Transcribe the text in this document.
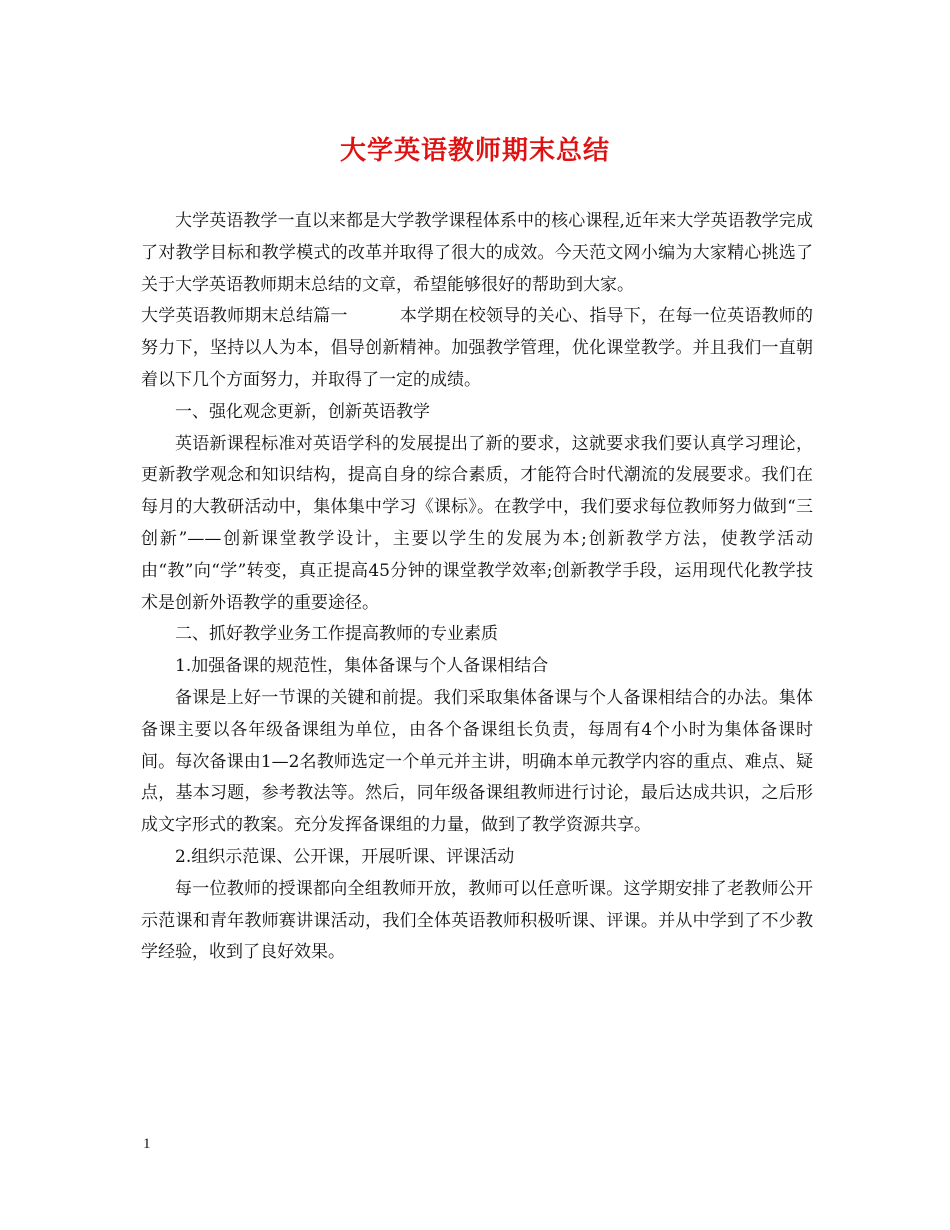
大学英语教师期末总结

大学英语教学一直以来都是大学教学课程体系中的核心课程,近年来大学英语教学完成了对教学目标和教学模式的改革并取得了很大的成效。今天范文网小编为大家精心挑选了关于大学英语教师期末总结的文章，希望能够很好的帮助到大家。

大学英语教师期末总结篇一	本学期在校领导的关心、指导下，在每一位英语教师的努力下，坚持以人为本，倡导创新精神。加强教学管理，优化课堂教学。并且我们一直朝着以下几个方面努力，并取得了一定的成绩。

一、强化观念更新，创新英语教学

英语新课程标准对英语学科的发展提出了新的要求，这就要求我们要认真学习理论，更新教学观念和知识结构，提高自身的综合素质，才能符合时代潮流的发展要求。我们在每月的大教研活动中，集体集中学习《课标》。在教学中，我们要求每位教师努力做到“三创新”——创新课堂教学设计，主要以学生的发展为本;创新教学方法，使教学活动由“教”向“学”转变，真正提高45分钟的课堂教学效率;创新教学手段，运用现代化教学技术是创新外语教学的重要途径。

二、抓好教学业务工作提高教师的专业素质

1.加强备课的规范性，集体备课与个人备课相结合

备课是上好一节课的关键和前提。我们采取集体备课与个人备课相结合的办法。集体备课主要以各年级备课组为单位，由各个备课组长负责，每周有4个小时为集体备课时间。每次备课由1—2名教师选定一个单元并主讲，明确本单元教学内容的重点、难点、疑点，基本习题，参考教法等。然后，同年级备课组教师进行讨论，最后达成共识，之后形成文字形式的教案。充分发挥备课组的力量，做到了教学资源共享。

2.组织示范课、公开课，开展听课、评课活动

每一位教师的授课都向全组教师开放，教师可以任意听课。这学期安排了老教师公开示范课和青年教师赛讲课活动，我们全体英语教师积极听课、评课。并从中学到了不少教学经验，收到了良好效果。

1
